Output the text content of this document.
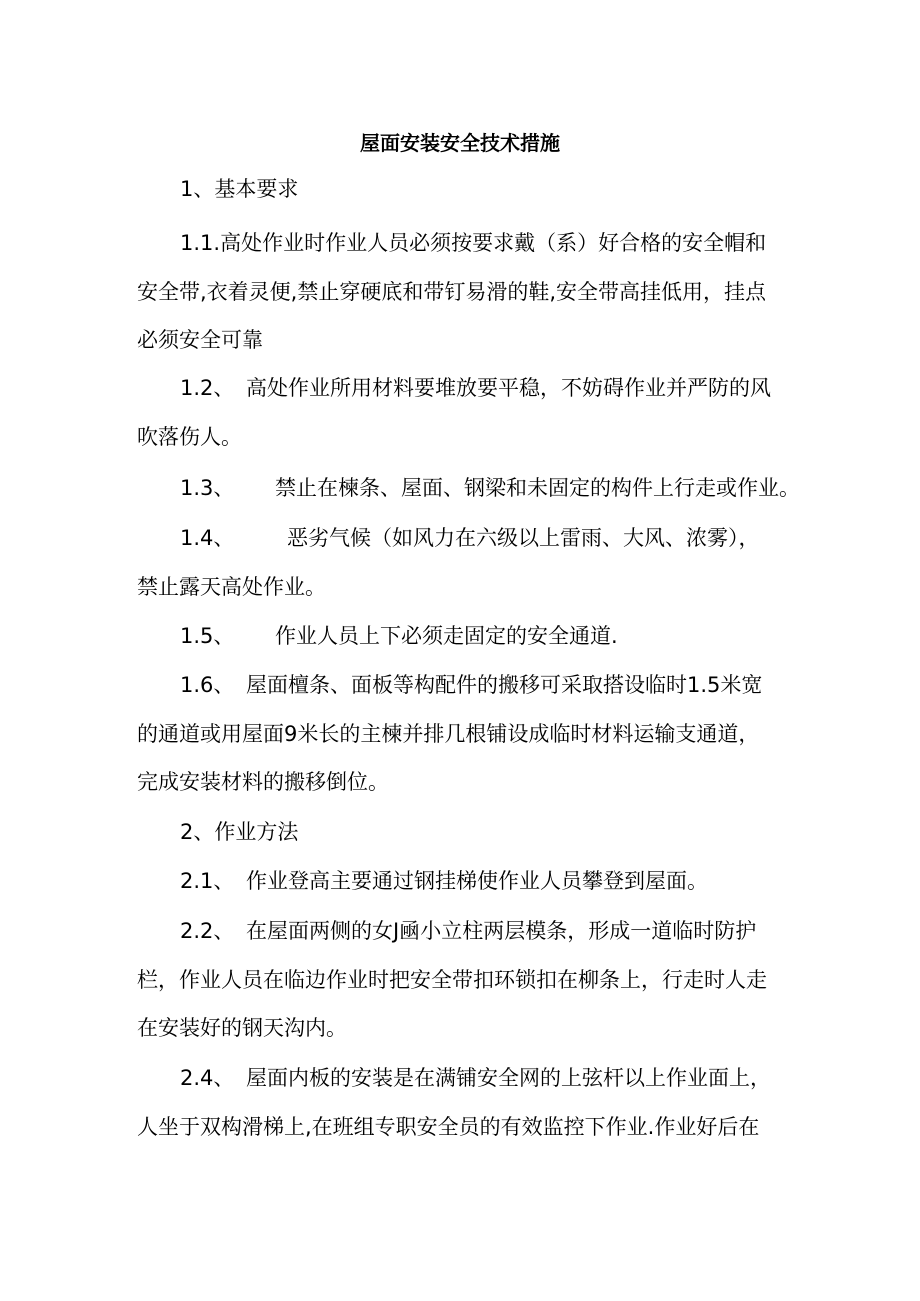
屋面安装安全技术措施
1、基本要求
1.1.高处作业时作业人员必须按要求戴（系）好合格的安全帽和
安全带,衣着灵便,禁止穿硬底和带钉易滑的鞋,安全带高挂低用，挂点
必须安全可靠
1.2、 高处作业所用材料要堆放要平稳，不妨碍作业并严防的风
吹落伤人。
1.3、 禁止在楝条、屋面、钢梁和未固定的构件上行走或作业。
1.4、	恶劣气候（如风力在六级以上雷雨、大风、浓雾），
禁止露天高处作业。
1.5、 作业人员上下必须走固定的安全通道.
1.6、 屋面檀条、面板等构配件的搬移可采取搭设临时1.5米宽
的通道或用屋面9米长的主楝并排几根铺设成临时材料运输支通道，
完成安装材料的搬移倒位。
2、作业方法
2.1、 作业登高主要通过钢挂梯使作业人员攀登到屋面。
2.2、 在屋面两侧的女J凾小立柱两层模条，形成一道临时防护
栏，作业人员在临边作业时把安全带扣环锁扣在柳条上，行走时人走
在安装好的钢天沟内。
2.4、 屋面内板的安装是在满铺安全网的上弦杆以上作业面上，
人坐于双构滑梯上,在班组专职安全员的有效监控下作业.作业好后在
